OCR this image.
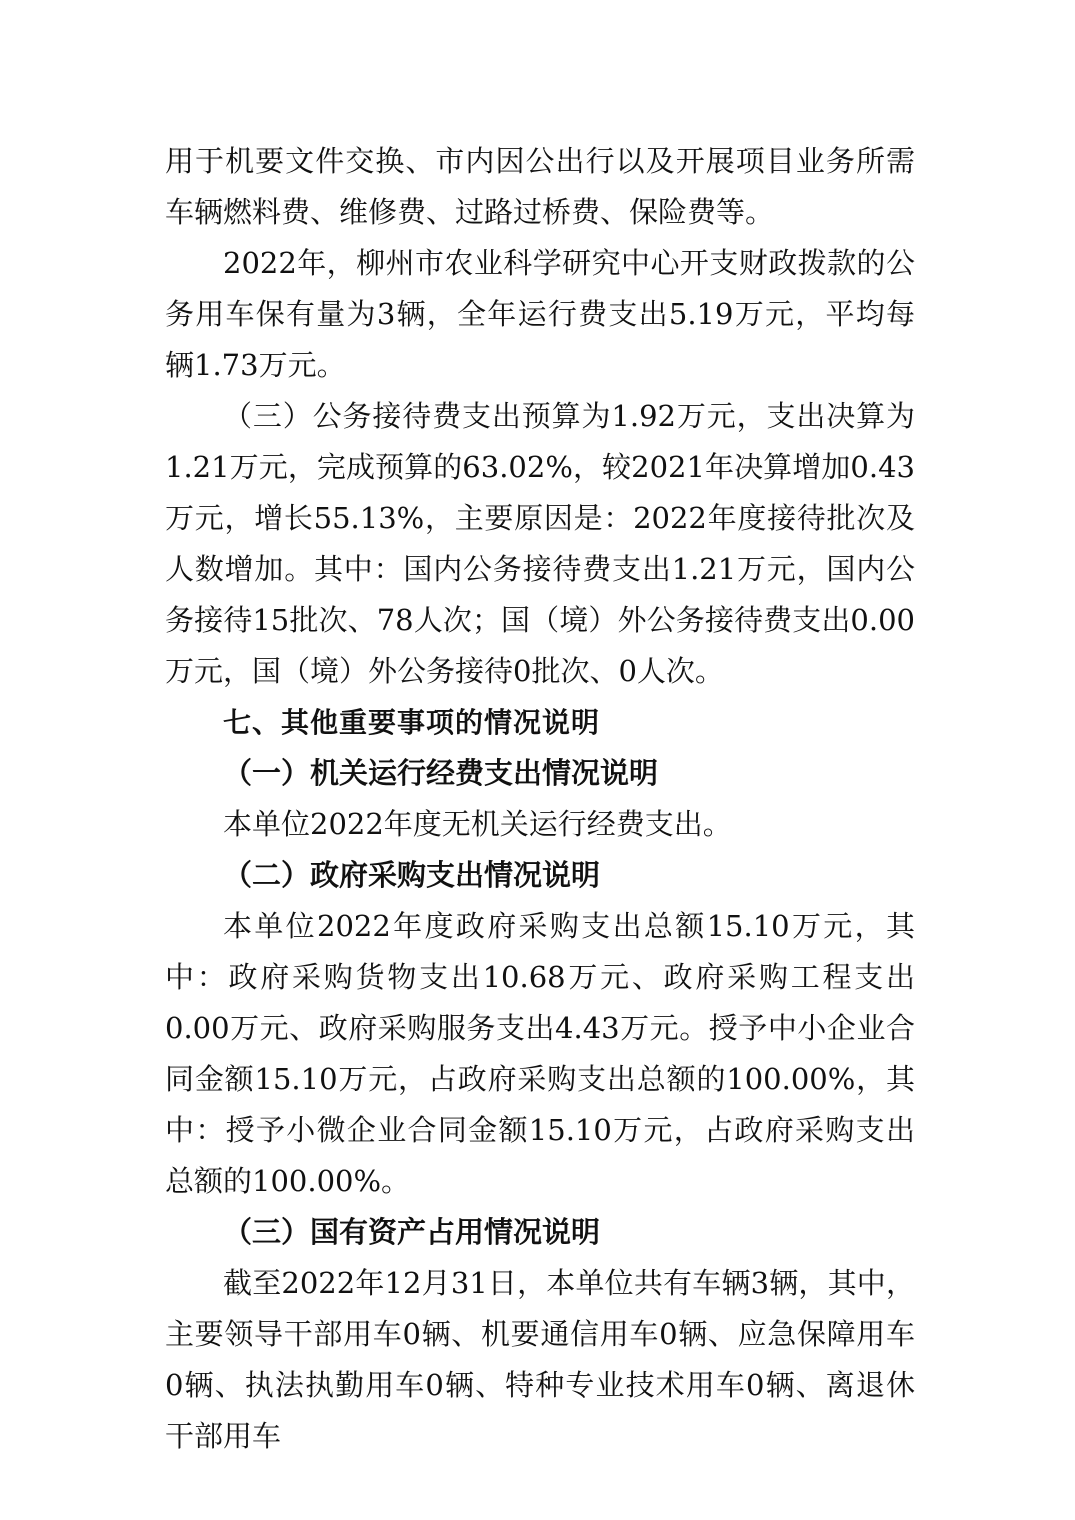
用于机要文件交换、市内因公出行以及开展项目业务所需车辆燃料费、维修费、过路过桥费、保险费等。

2022年，柳州市农业科学研究中心开支财政拨款的公务用车保有量为3辆，全年运行费支出5.19万元，平均每辆1.73万元。

（三）公务接待费支出预算为1.92万元，支出决算为1.21万元，完成预算的63.02%，较2021年决算增加0.43万元，增长55.13%，主要原因是：2022年度接待批次及人数增加。其中：国内公务接待费支出1.21万元，国内公务接待15批次、78人次；国（境）外公务接待费支出0.00万元，国（境）外公务接待0批次、0人次。

七、其他重要事项的情况说明

（一）机关运行经费支出情况说明

本单位2022年度无机关运行经费支出。

（二）政府采购支出情况说明

本单位2022年度政府采购支出总额15.10万元，其中：政府采购货物支出10.68万元、政府采购工程支出0.00万元、政府采购服务支出4.43万元。授予中小企业合同金额15.10万元，占政府采购支出总额的100.00%，其中：授予小微企业合同金额15.10万元，占政府采购支出总额的100.00%。

（三）国有资产占用情况说明

截至2022年12月31日，本单位共有车辆3辆，其中，主要领导干部用车0辆、机要通信用车0辆、应急保障用车0辆、执法执勤用车0辆、特种专业技术用车0辆、离退休干部用车
